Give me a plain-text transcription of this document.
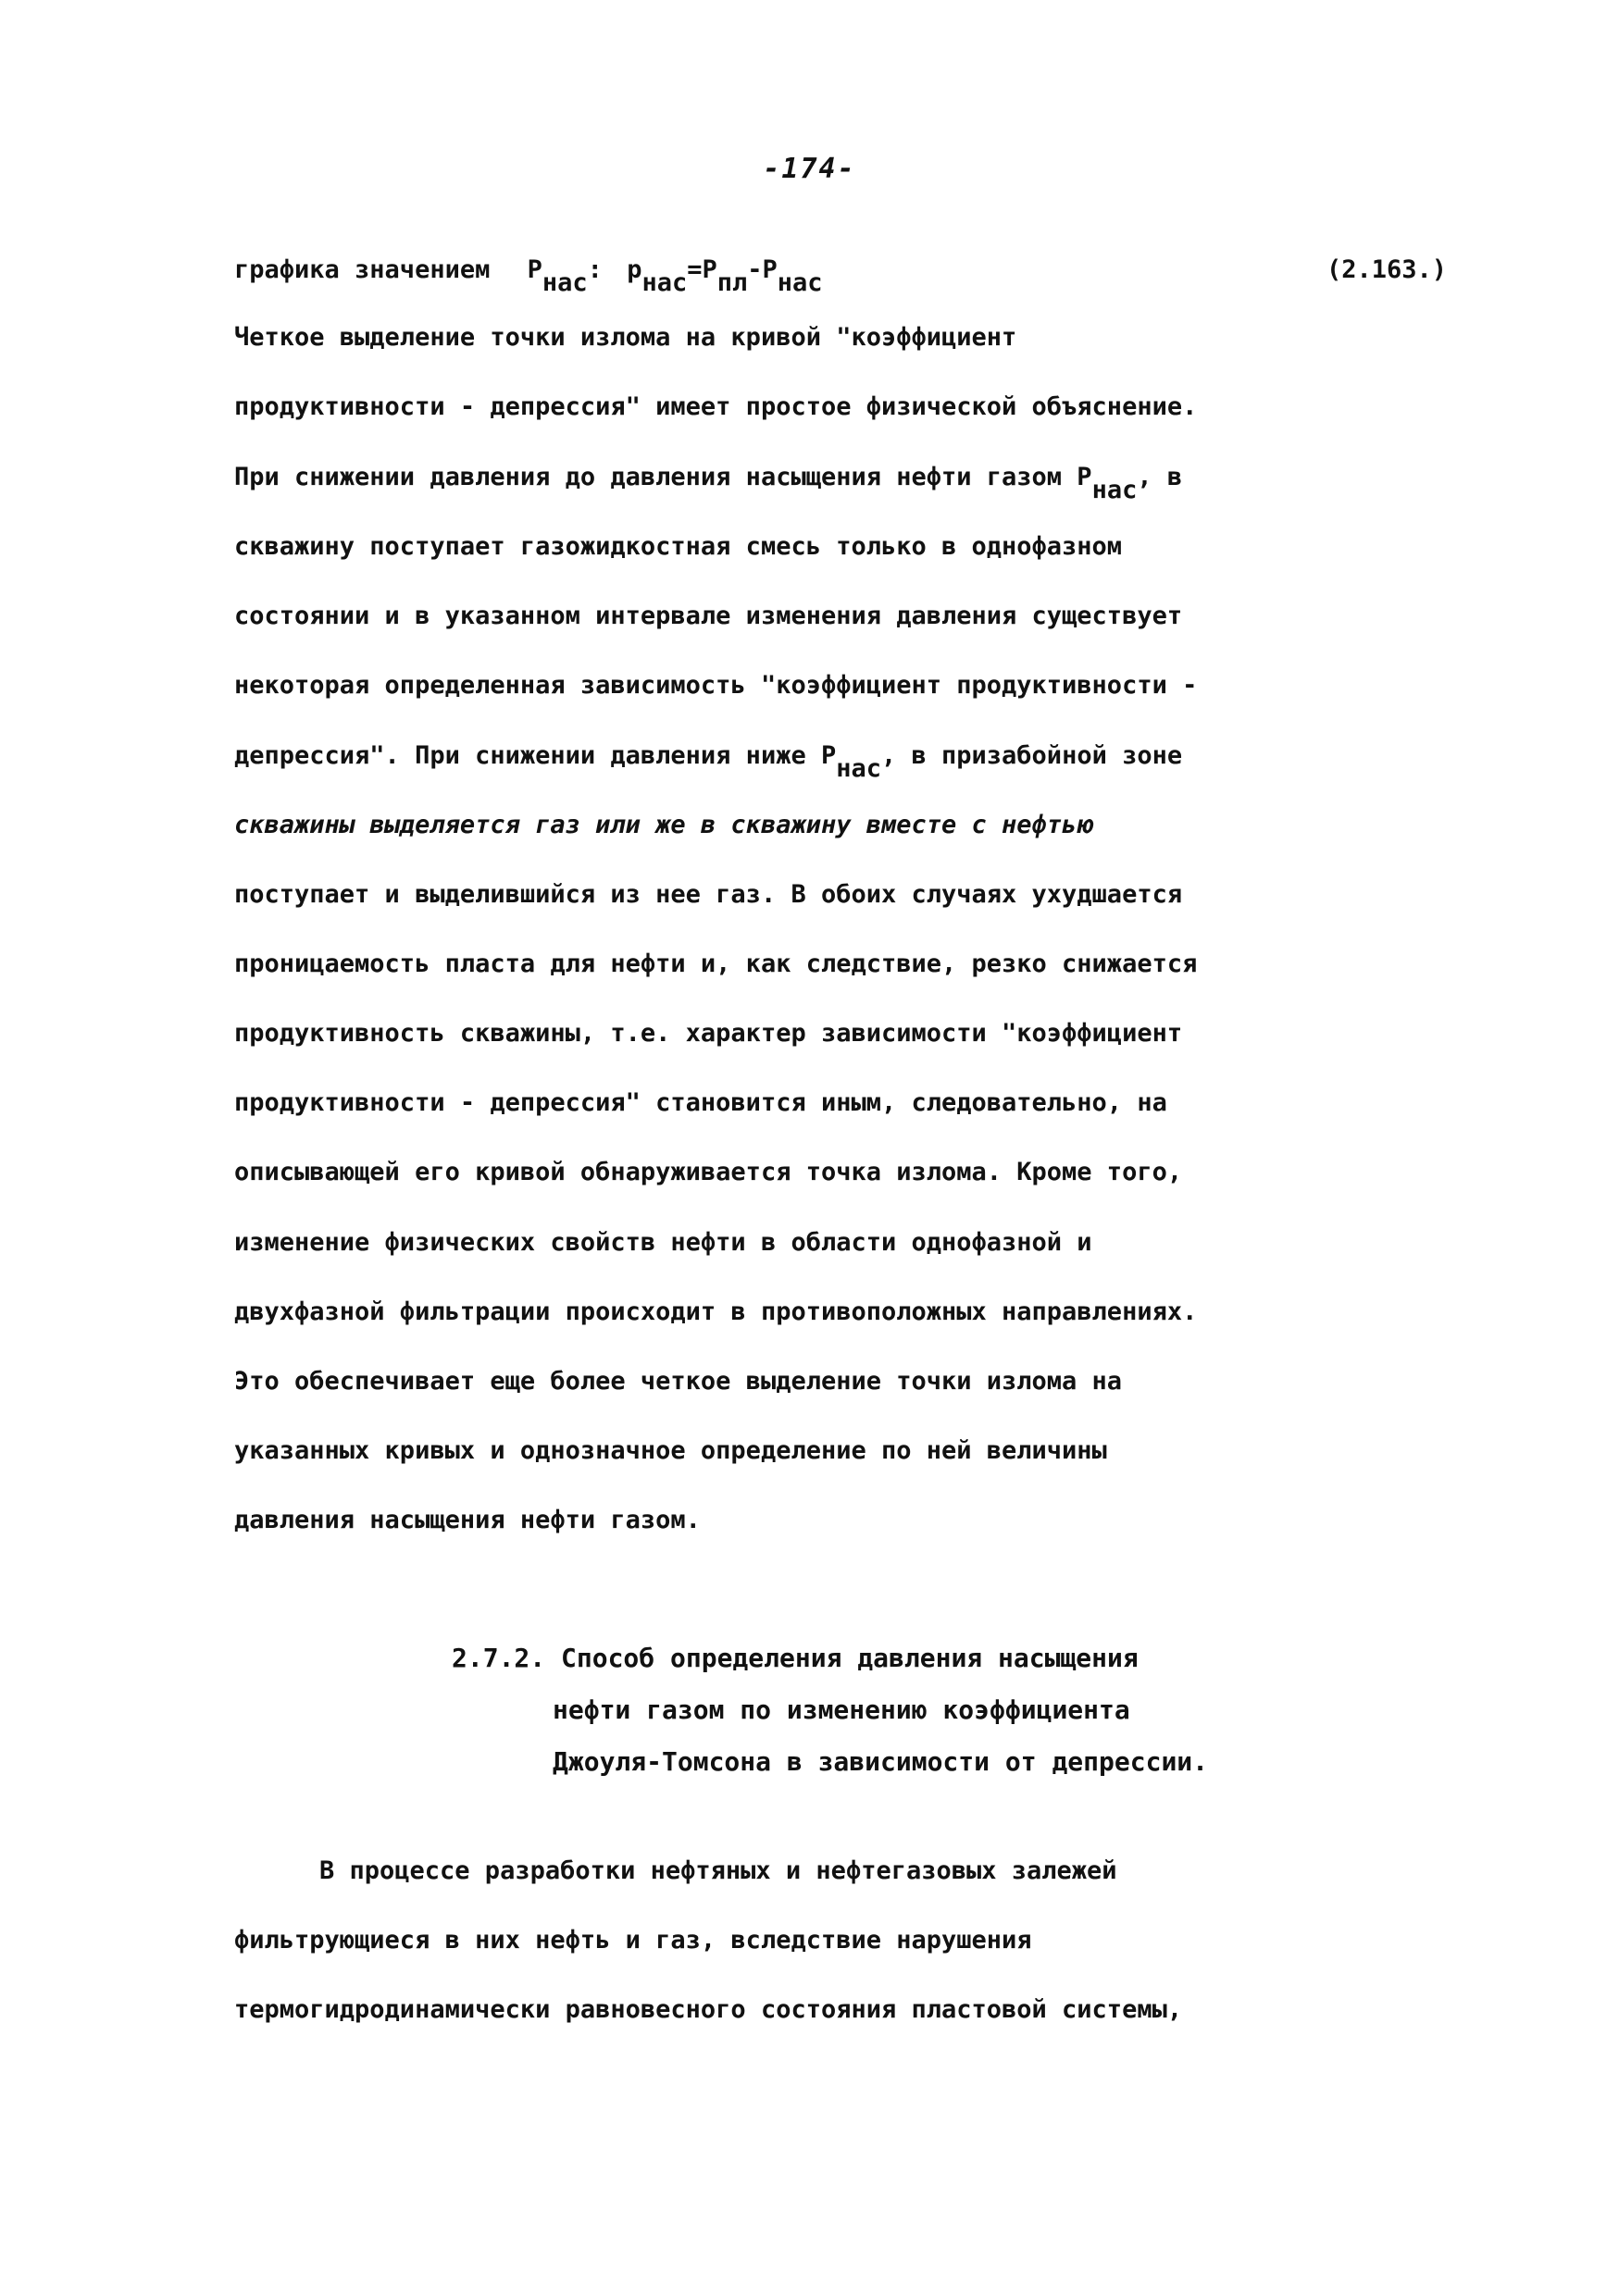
-174-
графика значением $P_{нас}$: $p_{нас}=P_{пл}-P_{нас}$	(2.163.)
Четкое выделение точки излома на кривой "коэффициент
продуктивности - депрессия" имеет простое физической объяснение.
При снижении давления до давления насыщения нефти газом $P_{нас}$, в
скважину поступает газожидкостная смесь только в однофазном
состоянии и в указанном интервале изменения давления существует
некоторая определенная зависимость "коэффициент продуктивности -
депрессия". При снижении давления ниже $P_{нас}$, в призабойной зоне
скважины выделяется газ или же в скважину вместе с нефтью
поступает и выделившийся из нее газ. В обоих случаях ухудшается
проницаемость пласта для нефти и, как следствие, резко снижается
продуктивность скважины, т.е. характер зависимости "коэффициент
продуктивности - депрессия" становится иным, следовательно, на
описывающей его кривой обнаруживается точка излома. Кроме того,
изменение физических свойств нефти в области однофазной и
двухфазной фильтрации происходит в противоположных направлениях.
Это обеспечивает еще более четкое выделение точки излома на
указанных кривых и однозначное определение по ней величины
давления насыщения нефти газом.
2.7.2. Способ определения давления насыщения
нефти газом по изменению коэффициента
Джоуля-Томсона в зависимости от депрессии.
В процессе разработки нефтяных и нефтегазовых залежей
фильтрующиеся в них нефть и газ, вследствие нарушения
термогидродинамически равновесного состояния пластовой системы,
